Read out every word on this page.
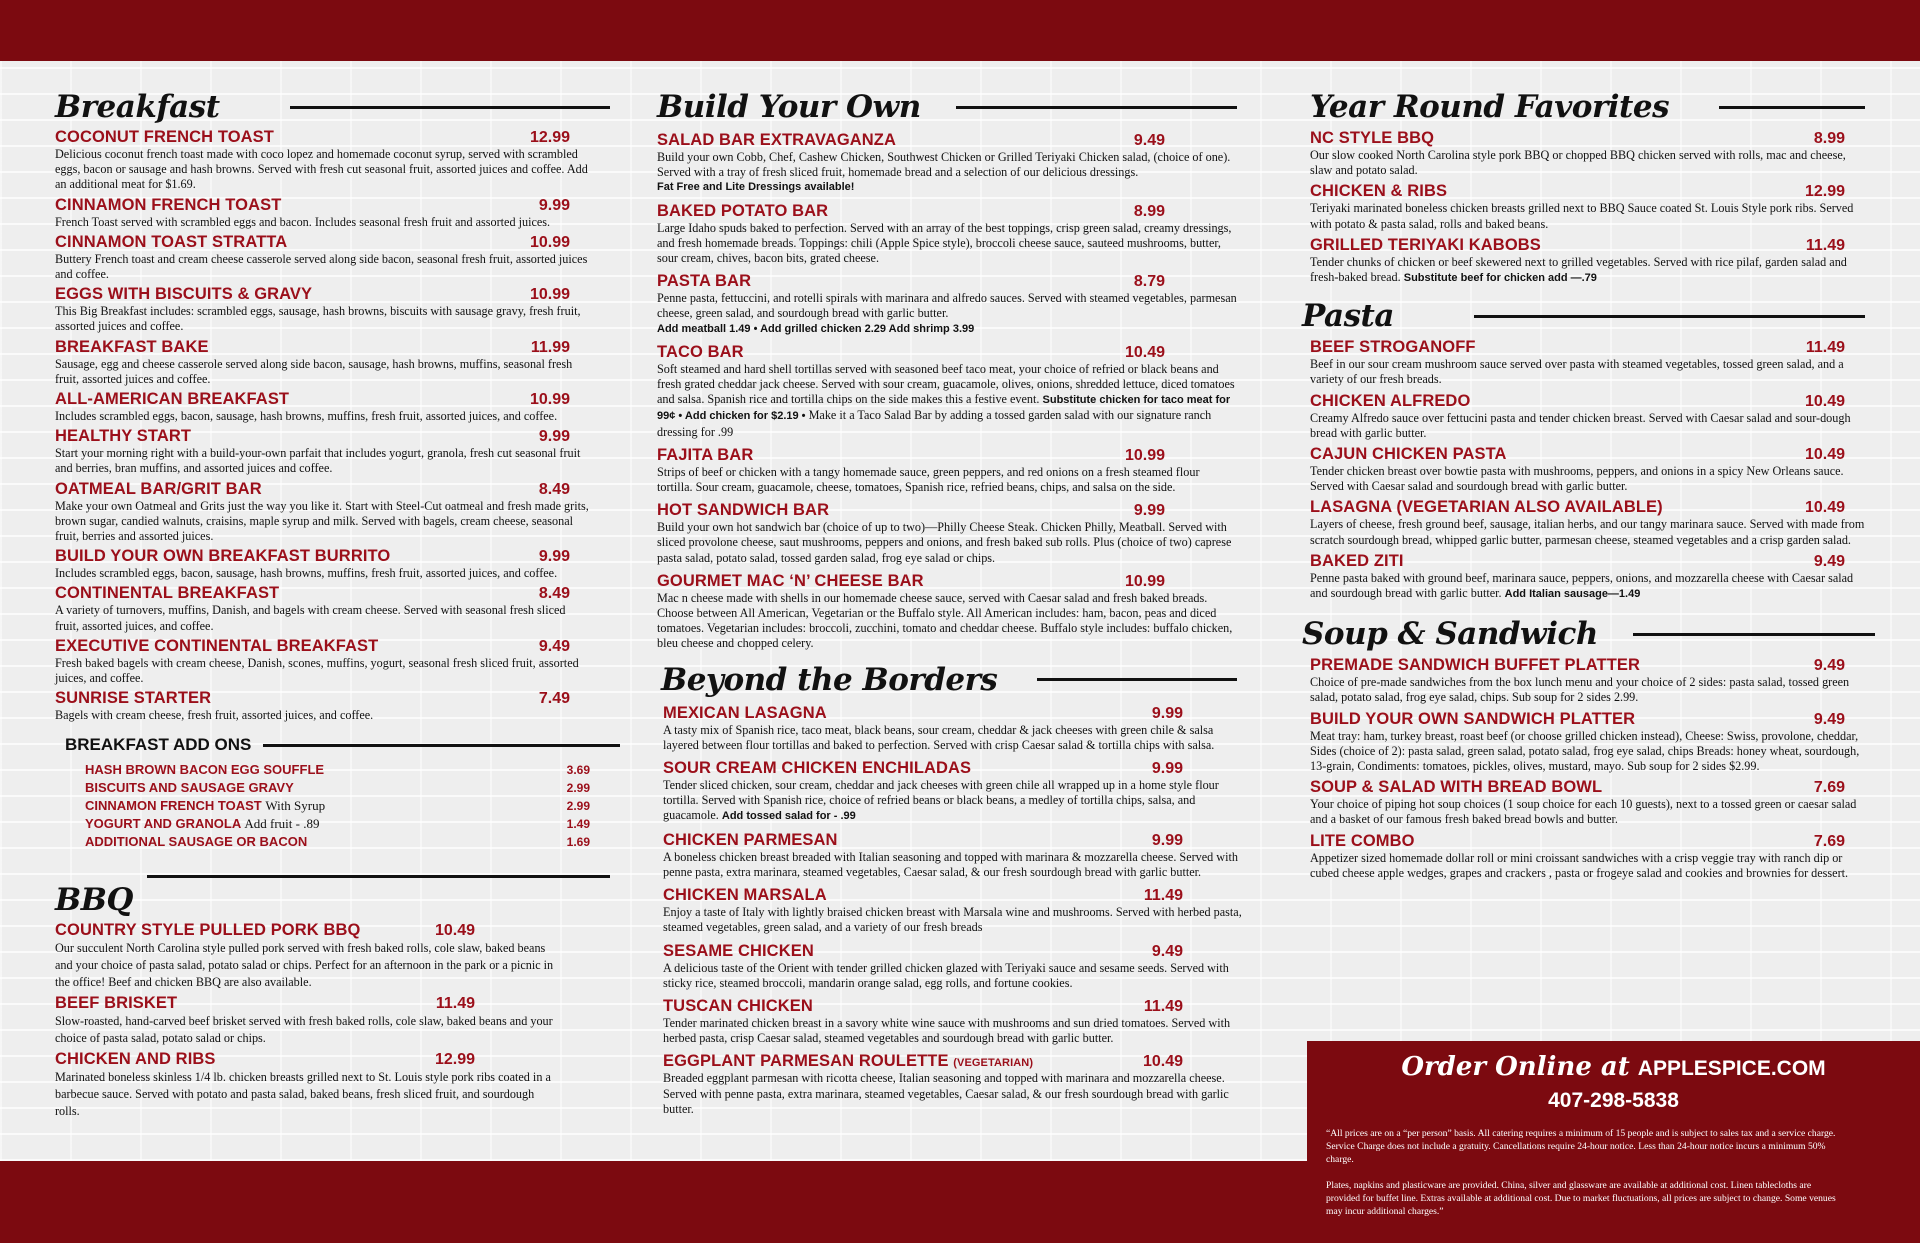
Breakfast
COCONUT FRENCH TOAST	12.99

Delicious coconut french toast made with coco lopez and homemade coconut syrup, served with scrambled eggs, bacon or sausage and hash browns. Served with fresh cut seasonal fruit, assorted juices and coffee. Add an additional meat for $1.69.

CINNAMON FRENCH TOAST	9.99

French Toast served with scrambled eggs and bacon. Includes seasonal fresh fruit and assorted juices.

CINNAMON TOAST STRATTA	10.99

Buttery French toast and cream cheese casserole served along side bacon, seasonal fresh fruit, assorted juices and coffee.

EGGS WITH BISCUITS & GRAVY	10.99

This Big Breakfast includes: scrambled eggs, sausage, hash browns, biscuits with sausage gravy, fresh fruit, assorted juices and coffee.

BREAKFAST BAKE	11.99

Sausage, egg and cheese casserole served along side bacon, sausage, hash browns, muffins, seasonal fresh fruit, assorted juices and coffee.

ALL-AMERICAN BREAKFAST	10.99

Includes scrambled eggs, bacon, sausage, hash browns, muffins, fresh fruit, assorted juices, and coffee.

HEALTHY START	9.99

Start your morning right with a build-your-own parfait that includes yogurt, granola, fresh cut seasonal fruit and berries, bran muffins, and assorted juices and coffee.

OATMEAL BAR/GRIT BAR	8.49

Make your own Oatmeal and Grits just the way you like it. Start with Steel-Cut oatmeal and fresh made grits, brown sugar, candied walnuts, craisins, maple syrup and milk. Served with bagels, cream cheese, seasonal fruit, berries and assorted juices.

BUILD YOUR OWN BREAKFAST BURRITO	9.99

Includes scrambled eggs, bacon, sausage, hash browns, muffins, fresh fruit, assorted juices, and coffee.

CONTINENTAL BREAKFAST	8.49

A variety of turnovers, muffins, Danish, and bagels with cream cheese. Served with seasonal fresh sliced fruit, assorted juices, and coffee.

EXECUTIVE CONTINENTAL BREAKFAST	9.49

Fresh baked bagels with cream cheese, Danish, scones, muffins, yogurt, seasonal fresh sliced fruit, assorted juices, and coffee.

SUNRISE STARTER	7.49

Bagels with cream cheese, fresh fruit, assorted juices, and coffee.

BREAKFAST ADD ONS
HASH BROWN BACON EGG SOUFFLE	3.69
BISCUITS AND SAUSAGE GRAVY	2.99
CINNAMON FRENCH TOAST With Syrup	2.99
YOGURT AND GRANOLA Add fruit - .89	1.49
ADDITIONAL SAUSAGE OR BACON	1.69
BBQ
COUNTRY STYLE PULLED PORK BBQ	10.49

Our succulent North Carolina style pulled pork served with fresh baked rolls, cole slaw, baked beans and your choice of pasta salad, potato salad or chips. Perfect for an afternoon in the park or a picnic in the office! Beef and chicken BBQ are also available.

BEEF BRISKET	11.49

Slow-roasted, hand-carved beef brisket served with fresh baked rolls, cole slaw, baked beans and your choice of pasta salad, potato salad or chips.

CHICKEN AND RIBS	12.99

Marinated boneless skinless 1/4 lb. chicken breasts grilled next to St. Louis style pork ribs coated in a barbecue sauce. Served with potato and pasta salad, baked beans, fresh sliced fruit, and sourdough rolls.

Build Your Own
SALAD BAR EXTRAVAGANZA	9.49

Build your own Cobb, Chef, Cashew Chicken, Southwest Chicken or Grilled Teriyaki Chicken salad, (choice of one). Served with a tray of fresh sliced fruit, homemade bread and a selection of our delicious dressings.
Fat Free and Lite Dressings available!

BAKED POTATO BAR	8.99

Large Idaho spuds baked to perfection. Served with an array of the best toppings, crisp green salad, creamy dressings, and fresh homemade breads. Toppings: chili (Apple Spice style), broccoli cheese sauce, sauteed mushrooms, butter, sour cream, chives, bacon bits, grated cheese.

PASTA BAR	8.79

Penne pasta, fettuccini, and rotelli spirals with marinara and alfredo sauces. Served with steamed vegetables, parmesan cheese, green salad, and sourdough bread with garlic butter.
Add meatball 1.49 • Add grilled chicken 2.29 Add shrimp 3.99

TACO BAR	10.49

Soft steamed and hard shell tortillas served with seasoned beef taco meat, your choice of refried or black beans and fresh grated cheddar jack cheese. Served with sour cream, guacamole, olives, onions, shredded lettuce, diced tomatoes and salsa. Spanish rice and tortilla chips on the side makes this a festive event. Substitute chicken for taco meat for 99¢ • Add chicken for $2.19 • Make it a Taco Salad Bar by adding a tossed garden salad with our signature ranch dressing for .99

FAJITA BAR	10.99

Strips of beef or chicken with a tangy homemade sauce, green peppers, and red onions on a fresh steamed flour tortilla. Sour cream, guacamole, cheese, tomatoes, Spanish rice, refried beans, chips, and salsa on the side.

HOT SANDWICH BAR	9.99

Build your own hot sandwich bar (choice of up to two)—Philly Cheese Steak. Chicken Philly, Meatball. Served with sliced provolone cheese, saut mushrooms, peppers and onions, and fresh baked sub rolls. Plus (choice of two) caprese pasta salad, potato salad, tossed garden salad, frog eye salad or chips.

GOURMET MAC ‘N’ CHEESE BAR	10.99

Mac n cheese made with shells in our homemade cheese sauce, served with Caesar salad and fresh baked breads. Choose between All American, Vegetarian or the Buffalo style. All American includes: ham, bacon, peas and diced tomatoes. Vegetarian includes: broccoli, zucchini, tomato and cheddar cheese. Buffalo style includes: buffalo chicken, bleu cheese and chopped celery.

Beyond the Borders
MEXICAN LASAGNA	9.99

A tasty mix of Spanish rice, taco meat, black beans, sour cream, cheddar & jack cheeses with green chile & salsa layered between flour tortillas and baked to perfection. Served with crisp Caesar salad & tortilla chips with salsa.

SOUR CREAM CHICKEN ENCHILADAS	9.99

Tender sliced chicken, sour cream, cheddar and jack cheeses with green chile all wrapped up in a home style flour tortilla. Served with Spanish rice, choice of refried beans or black beans, a medley of tortilla chips, salsa, and guacamole. Add tossed salad for - .99

CHICKEN PARMESAN	9.99

A boneless chicken breast breaded with Italian seasoning and topped with marinara & mozzarella cheese. Served with penne pasta, extra marinara, steamed vegetables, Caesar salad, & our fresh sourdough bread with garlic butter.

CHICKEN MARSALA	11.49

Enjoy a taste of Italy with lightly braised chicken breast with Marsala wine and mushrooms. Served with herbed pasta, steamed vegetables, green salad, and a variety of our fresh breads

SESAME CHICKEN	9.49

A delicious taste of the Orient with tender grilled chicken glazed with Teriyaki sauce and sesame seeds. Served with sticky rice, steamed broccoli, mandarin orange salad, egg rolls, and fortune cookies.

TUSCAN CHICKEN	11.49

Tender marinated chicken breast in a savory white wine sauce with mushrooms and sun dried tomatoes. Served with herbed pasta, crisp Caesar salad, steamed vegetables and sourdough bread with garlic butter.

EGGPLANT PARMESAN ROULETTE (VEGETARIAN)	10.49

Breaded eggplant parmesan with ricotta cheese, Italian seasoning and topped with marinara and mozzarella cheese. Served with penne pasta, extra marinara, steamed vegetables, Caesar salad, & our fresh sourdough bread with garlic butter.

Year Round Favorites
NC STYLE BBQ	8.99

Our slow cooked North Carolina style pork BBQ or chopped BBQ chicken served with rolls, mac and cheese, slaw and potato salad.

CHICKEN & RIBS	12.99

Teriyaki marinated boneless chicken breasts grilled next to BBQ Sauce coated St. Louis Style pork ribs. Served with potato & pasta salad, rolls and baked beans.

GRILLED TERIYAKI KABOBS	11.49

Tender chunks of chicken or beef skewered next to grilled vegetables. Served with rice pilaf, garden salad and fresh-baked bread. Substitute beef for chicken add —.79

Pasta
BEEF STROGANOFF	11.49

Beef in our sour cream mushroom sauce served over pasta with steamed vegetables, tossed green salad, and a variety of our fresh breads.

CHICKEN ALFREDO	10.49

Creamy Alfredo sauce over fettucini pasta and tender chicken breast. Served with Caesar salad and sour-dough bread with garlic butter.

CAJUN CHICKEN PASTA	10.49

Tender chicken breast over bowtie pasta with mushrooms, peppers, and onions in a spicy New Orleans sauce. Served with Caesar salad and sourdough bread with garlic butter.

LASAGNA (VEGETARIAN ALSO AVAILABLE)	10.49

Layers of cheese, fresh ground beef, sausage, italian herbs, and our tangy marinara sauce. Served with made from scratch sourdough bread, whipped garlic butter, parmesan cheese, steamed vegetables and a crisp garden salad.

BAKED ZITI	9.49

Penne pasta baked with ground beef, marinara sauce, peppers, onions, and mozzarella cheese with Caesar salad and sourdough bread with garlic butter. Add Italian sausage—1.49

Soup & Sandwich
PREMADE SANDWICH BUFFET PLATTER	9.49

Choice of pre-made sandwiches from the box lunch menu and your choice of 2 sides: pasta salad, tossed green salad, potato salad, frog eye salad, chips. Sub soup for 2 sides 2.99.

BUILD YOUR OWN SANDWICH PLATTER	9.49

Meat tray: ham, turkey breast, roast beef (or choose grilled chicken instead), Cheese: Swiss, provolone, cheddar, Sides (choice of 2): pasta salad, green salad, potato salad, frog eye salad, chips Breads: honey wheat, sourdough, 13-grain, Condiments: tomatoes, pickles, olives, mustard, mayo. Sub soup for 2 sides $2.99.

SOUP & SALAD WITH BREAD BOWL	7.69

Your choice of piping hot soup choices (1 soup choice for each 10 guests), next to a tossed green or caesar salad and a basket of our famous fresh baked bread bowls and butter.

LITE COMBO	7.69

Appetizer sized homemade dollar roll or mini croissant sandwiches with a crisp veggie tray with ranch dip or cubed cheese apple wedges, grapes and crackers , pasta or frogeye salad and cookies and brownies for dessert.

Order Online at APPLESPICE.COM
407-298-5838

“All prices are on a “per person” basis. All catering requires a minimum of 15 people and is subject to sales tax and a service charge. Service Charge does not include a gratuity. Cancellations require 24-hour notice. Less than 24-hour notice incurs a minimum 50% charge.

Plates, napkins and plasticware are provided. China, silver and glassware are available at additional cost. Linen tablecloths are provided for buffet line. Extras available at additional cost. Due to market fluctuations, all prices are subject to change. Some venues may incur additional charges.”
